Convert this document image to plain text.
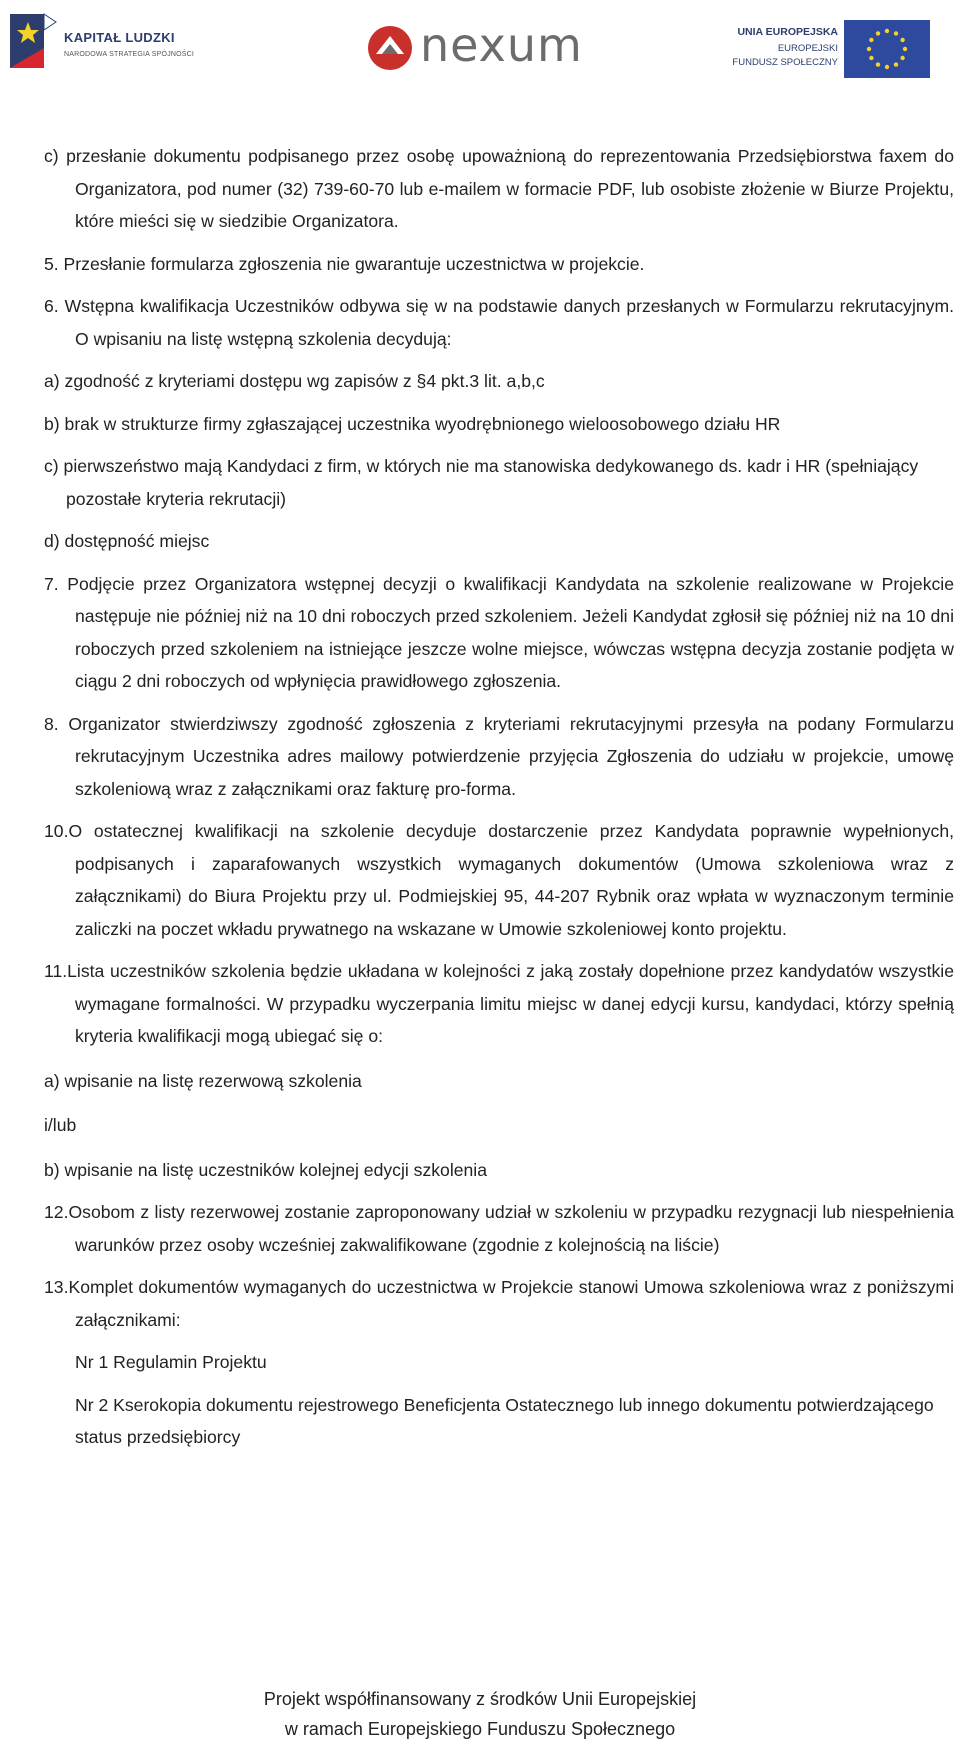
KAPITAŁ LUDZKI
NARODOWA STRATEGIA SPÓJNOŚCI	nexum	UNIA EUROPEJSKA
EUROPEJSKI
FUNDUSZ SPOŁECZNY

c) przesłanie dokumentu podpisanego przez osobę upoważnioną do reprezentowania Przedsiębiorstwa faxem do Organizatora, pod numer (32) 739-60-70 lub e-mailem w formacie PDF, lub osobiste złożenie w Biurze Projektu, które mieści się w siedzibie Organizatora.

5. Przesłanie formularza zgłoszenia nie gwarantuje uczestnictwa w projekcie.

6. Wstępna kwalifikacja Uczestników odbywa się w na podstawie danych przesłanych w Formularzu rekrutacyjnym. O wpisaniu na listę wstępną szkolenia decydują:

a) zgodność z kryteriami dostępu wg zapisów z §4 pkt.3 lit. a,b,c

b) brak w strukturze firmy zgłaszającej uczestnika wyodrębnionego wieloosobowego działu HR

c) pierwszeństwo mają Kandydaci z firm, w których nie ma stanowiska dedykowanego ds. kadr i HR (spełniający pozostałe kryteria rekrutacji)

d) dostępność miejsc

7. Podjęcie przez Organizatora wstępnej decyzji o kwalifikacji Kandydata na szkolenie realizowane w Projekcie następuje nie później niż na 10 dni roboczych przed szkoleniem. Jeżeli Kandydat zgłosił się później niż na 10 dni roboczych przed szkoleniem na istniejące jeszcze wolne miejsce, wówczas wstępna decyzja zostanie podjęta w ciągu 2 dni roboczych od wpłynięcia prawidłowego zgłoszenia.

8. Organizator stwierdziwszy zgodność zgłoszenia z kryteriami rekrutacyjnymi przesyła na podany Formularzu rekrutacyjnym Uczestnika adres mailowy potwierdzenie przyjęcia Zgłoszenia do udziału w projekcie, umowę szkoleniową wraz z załącznikami oraz fakturę pro-forma.

10.O ostatecznej kwalifikacji na szkolenie decyduje dostarczenie przez Kandydata poprawnie wypełnionych, podpisanych i zaparafowanych wszystkich wymaganych dokumentów (Umowa szkoleniowa wraz z załącznikami) do Biura Projektu przy ul. Podmiejskiej 95, 44-207 Rybnik oraz wpłata w wyznaczonym terminie zaliczki na poczet wkładu prywatnego na wskazane w Umowie szkoleniowej konto projektu.

11.Lista uczestników szkolenia będzie układana w kolejności z jaką zostały dopełnione przez kandydatów wszystkie wymagane formalności. W przypadku wyczerpania limitu miejsc w danej edycji kursu, kandydaci, którzy spełnią kryteria kwalifikacji mogą ubiegać się o:

a) wpisanie na listę rezerwową szkolenia

i/lub

b) wpisanie na listę uczestników kolejnej edycji szkolenia

12.Osobom z listy rezerwowej zostanie zaproponowany udział w szkoleniu w przypadku rezygnacji lub niespełnienia warunków przez osoby wcześniej zakwalifikowane (zgodnie z kolejnością na liście)

13.Komplet dokumentów wymaganych do uczestnictwa w Projekcie stanowi Umowa szkoleniowa wraz z poniższymi załącznikami:

Nr 1 Regulamin Projektu

Nr 2 Kserokopia dokumentu rejestrowego Beneficjenta Ostatecznego lub innego dokumentu potwierdzającego status przedsiębiorcy

Projekt współfinansowany z środków Unii Europejskiej
w ramach Europejskiego Funduszu Społecznego
